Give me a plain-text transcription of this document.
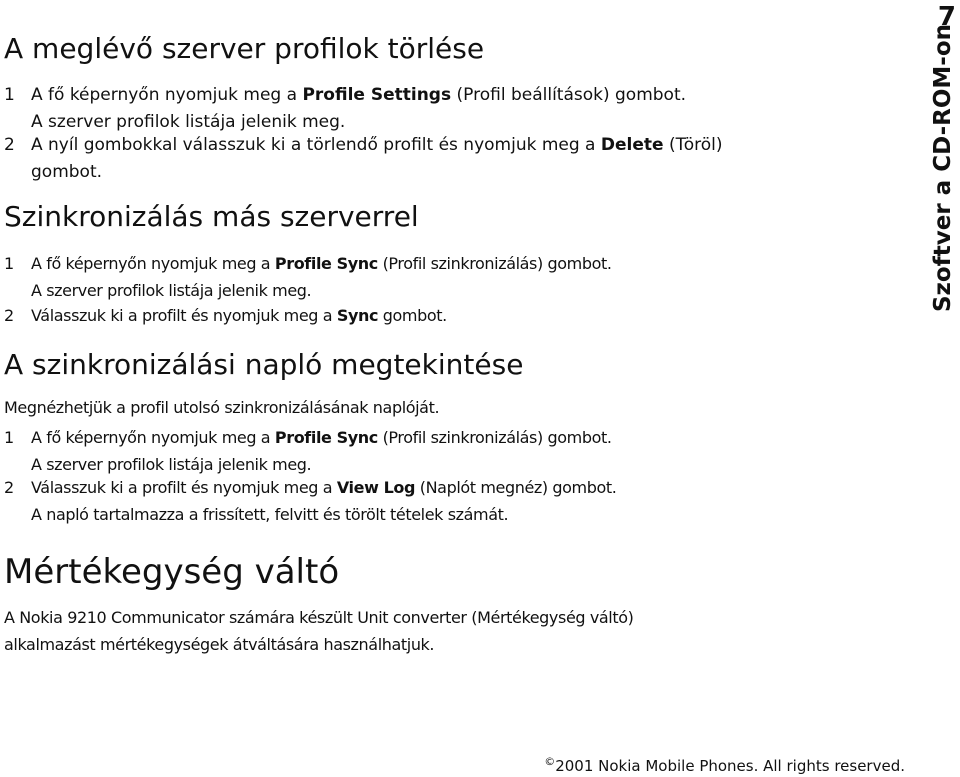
7
Szoftver a CD-ROM-on
A meglévő szerver profilok törlése
1 A fő képernyőn nyomjuk meg a Profile Settings (Profil beállítások) gombot.
A szerver profilok listája jelenik meg.
2 A nyíl gombokkal válasszuk ki a törlendő profilt és nyomjuk meg a Delete (Töröl)
gombot.
Szinkronizálás más szerverrel
1	A fő képernyőn nyomjuk meg a Profile Sync (Profil szinkronizálás) gombot.
A szerver profilok listája jelenik meg.
2	Válasszuk ki a profilt és nyomjuk meg a Sync gombot.
A szinkronizálási napló megtekintése

Megnézhetjük a profil utolsó szinkronizálásának naplóját.

1	A fő képernyőn nyomjuk meg a Profile Sync (Profil szinkronizálás) gombot.
A szerver profilok listája jelenik meg.
2	Válasszuk ki a profilt és nyomjuk meg a View Log (Naplót megnéz) gombot.
A napló tartalmazza a frissített, felvitt és törölt tételek számát.
Mértékegység váltó

A Nokia 9210 Communicator számára készült Unit converter (Mértékegység váltó)
alkalmazást mértékegységek átváltására használhatjuk.

©2001 Nokia Mobile Phones. All rights reserved.
